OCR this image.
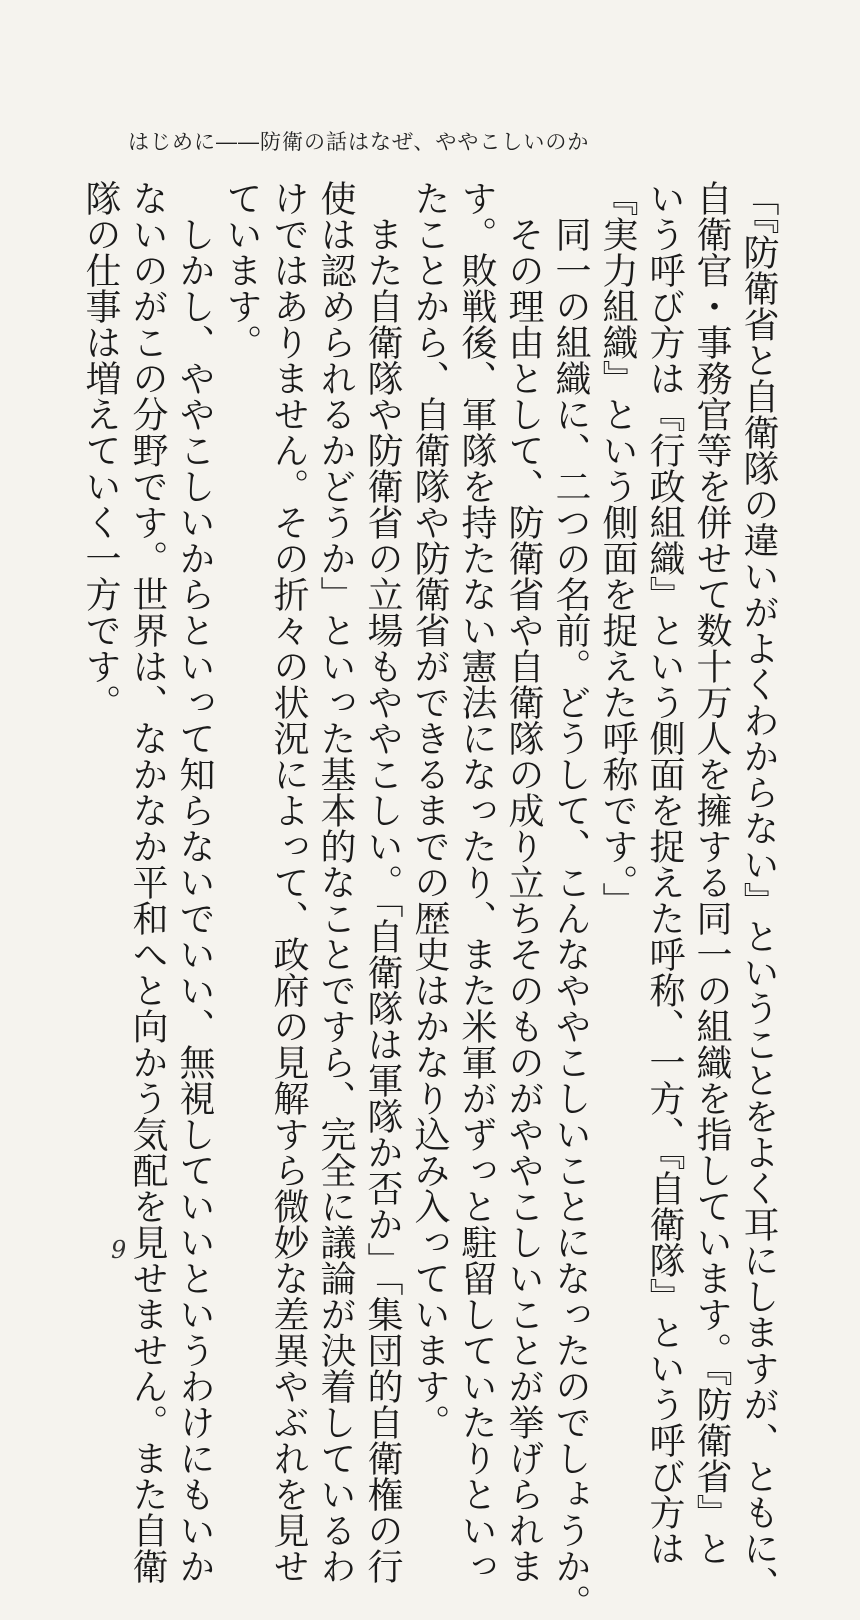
はじめに――防衛の話はなぜ、ややこしいのか

「『防衛省と自衛隊の違いがよくわからない』ということをよく耳にしますが、ともに、

自衛官・事務官等を併せて数十万人を擁する同一の組織を指しています。『防衛省』と

いう呼び方は『行政組織』という側面を捉えた呼称、一方、『自衛隊』という呼び方は

『実力組織』という側面を捉えた呼称です。」

　同一の組織に、二つの名前。どうして、こんなややこしいことになったのでしょうか。

　その理由として、防衛省や自衛隊の成り立ちそのものがややこしいことが挙げられま

す。敗戦後、軍隊を持たない憲法になったり、また米軍がずっと駐留していたりといっ

たことから、自衛隊や防衛省ができるまでの歴史はかなり込み入っています。

　また自衛隊や防衛省の立場もややこしい。「自衛隊は軍隊か否か」「集団的自衛権の行

使は認められるかどうか」といった基本的なことですら、完全に議論が決着しているわ

けではありません。その折々の状況によって、政府の見解すら微妙な差異やぶれを見せ

ています。

　しかし、ややこしいからといって知らないでいい、無視していいというわけにもいか

ないのがこの分野です。世界は、なかなか平和へと向かう気配を見せません。また自衛

隊の仕事は増えていく一方です。

9
